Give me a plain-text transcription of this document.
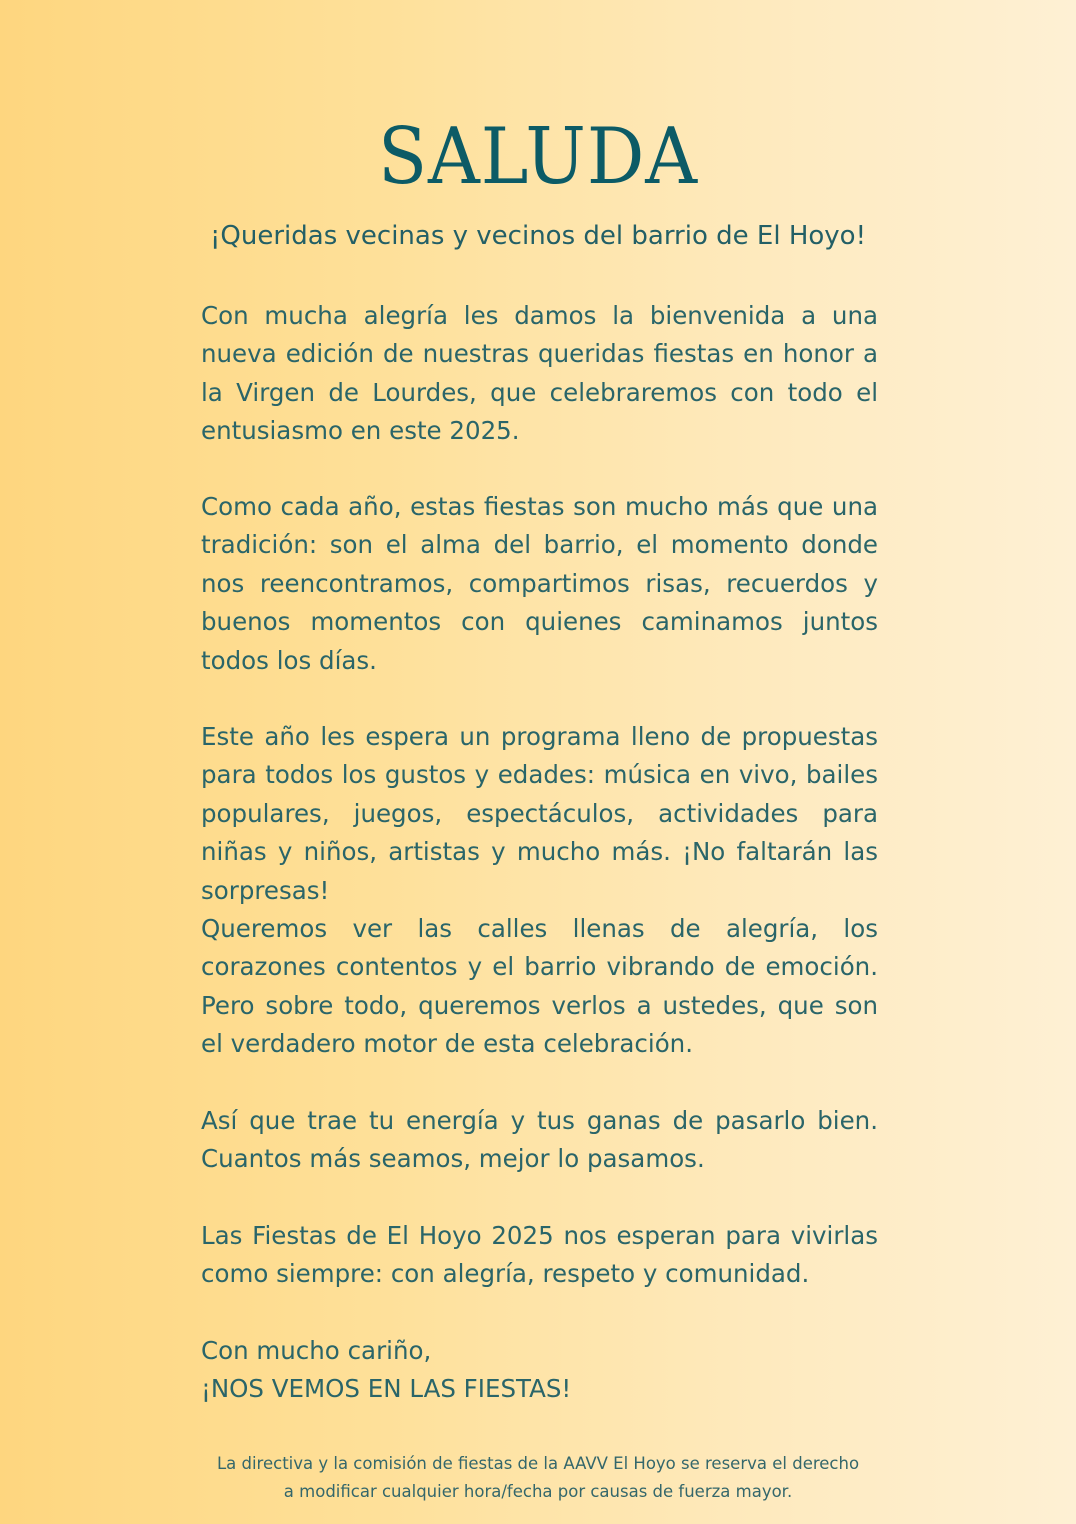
SALUDA

¡Queridas vecinas y vecinos del barrio de El Hoyo!

Con mucha alegría les damos la bienvenida a una nueva edición de nuestras queridas fiestas en honor a la Virgen de Lourdes, que celebraremos con todo el entusiasmo en este 2025.

Como cada año, estas fiestas son mucho más que una tradición: son el alma del barrio, el momento donde nos reencontramos, compartimos risas, recuerdos y buenos momentos con quienes caminamos juntos todos los días.

Este año les espera un programa lleno de propuestas para todos los gustos y edades: música en vivo, bailes populares, juegos, espectáculos, actividades para niñas y niños, artistas y mucho más. ¡No faltarán las sorpresas!

Queremos ver las calles llenas de alegría, los corazones contentos y el barrio vibrando de emoción. Pero sobre todo, queremos verlos a ustedes, que son el verdadero motor de esta celebración.

Así que trae tu energía y tus ganas de pasarlo bien. Cuantos más seamos, mejor lo pasamos.

Las Fiestas de El Hoyo 2025 nos esperan para vivirlas como siempre: con alegría, respeto y comunidad.

Con mucho cariño,
¡NOS VEMOS EN LAS FIESTAS!

La directiva y la comisión de fiestas de la AAVV El Hoyo se reserva el derecho
a modificar cualquier hora/fecha por causas de fuerza mayor.
